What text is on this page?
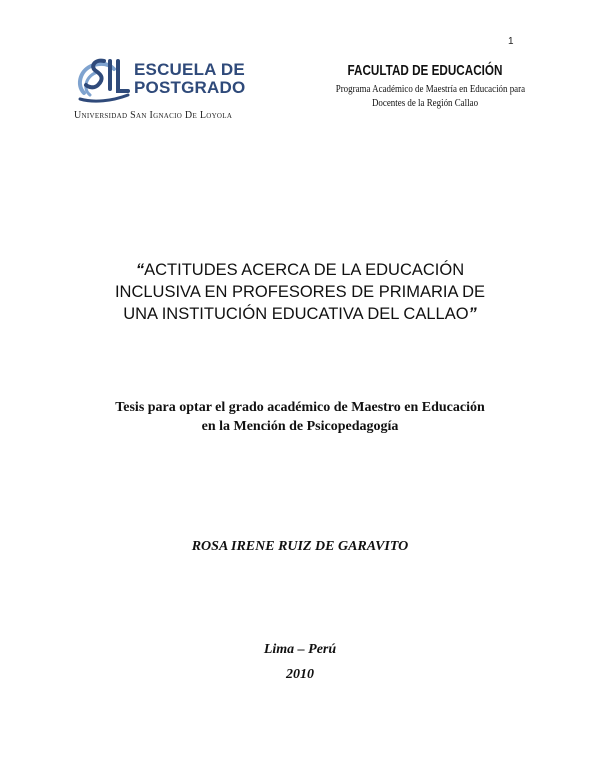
1
ESCUELA DE
POSTGRADO
Universidad San Ignacio De Loyola
FACULTAD DE EDUCACIÓN
Programa Académico de Maestría en Educación para
Docentes de la Región Callao
“ACTITUDES ACERCA DE LA EDUCACIÓN
INCLUSIVA EN PROFESORES DE PRIMARIA DE
UNA INSTITUCIÓN EDUCATIVA DEL CALLAO”
Tesis para optar el grado académico de Maestro en Educación
en la Mención de Psicopedagogía
ROSA IRENE RUIZ DE GARAVITO
Lima – Perú
2010
